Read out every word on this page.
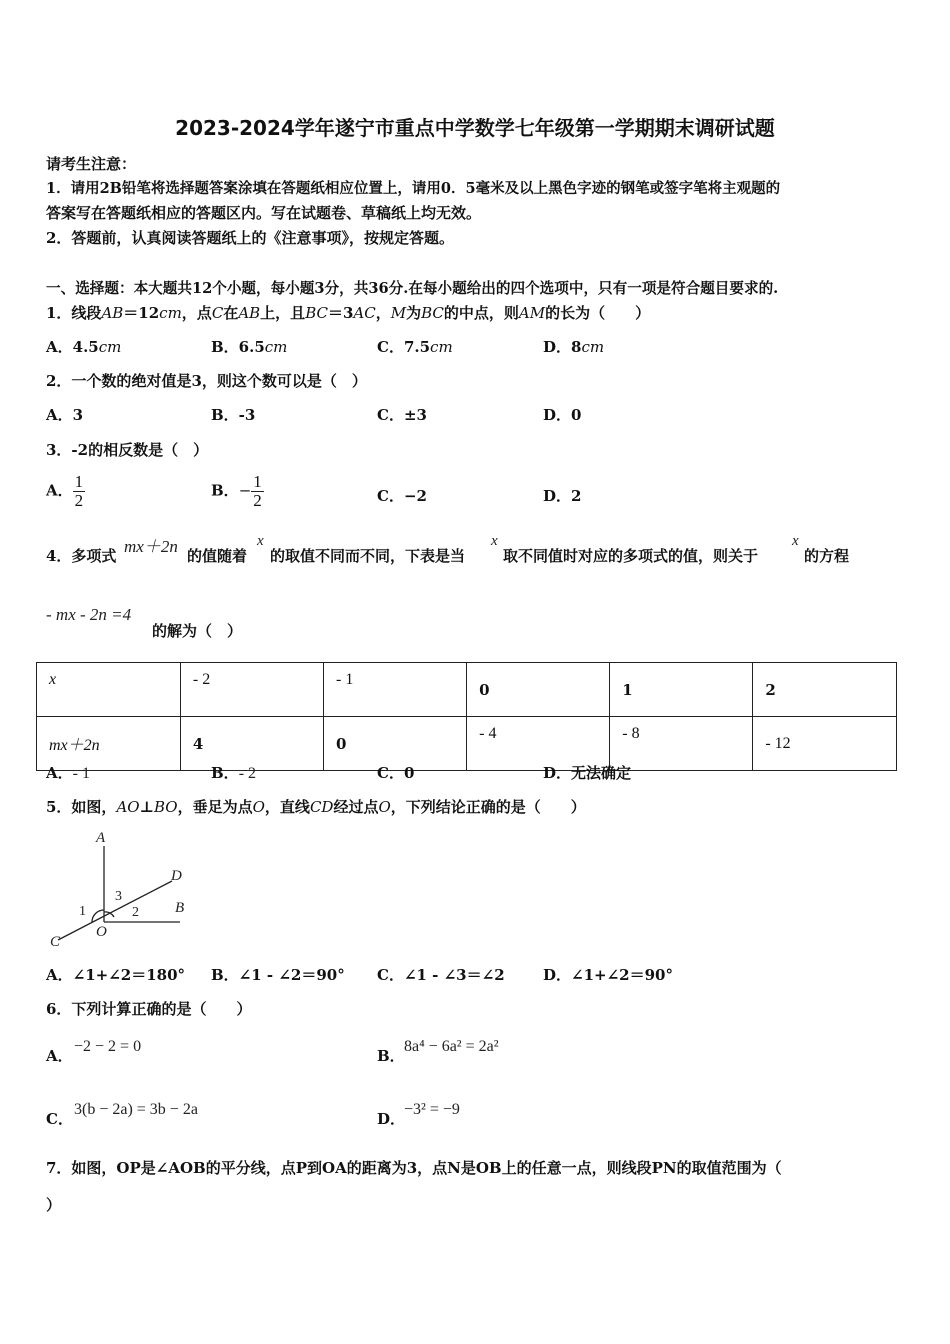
2023-2024学年遂宁市重点中学数学七年级第一学期期末调研试题
请考生注意：
1．请用2B铅笔将选择题答案涂填在答题纸相应位置上，请用0．5毫米及以上黑色字迹的钢笔或签字笔将主观题的
答案写在答题纸相应的答题区内。写在试题卷、草稿纸上均无效。
2．答题前，认真阅读答题纸上的《注意事项》，按规定答题。
一、选择题：本大题共12个小题，每小题3分，共36分.在每小题给出的四个选项中，只有一项是符合题目要求的.
1．线段AB＝12cm，点C在AB上，且BC＝3AC，M为BC的中点，则AM的长为（　　）
A．4.5cm	B．6.5cm	C．7.5cm	D．8cm
2．一个数的绝对值是3，则这个数可以是（　）
A．3	B．-3	C．±3	D．0
3．-2的相反数是（　）
A． $\frac{1}{2}$	B．− $\frac{1}{2}$	C．−2	D．2
4．多项式 mx＋2n 的值随着
x
的取值不同而不同，下表是当
x
取不同值时对应的多项式的值，则关于
x
的方程
- mx - 2n =4
的解为（　）
x	- 2	- 1	0	1	2
mx＋2n	4	0	- 4	- 8	- 12
A．- 1	B．- 2	C．0	D．无法确定
5．如图，AO⊥BO，垂足为点O，直线CD经过点O，下列结论正确的是（　　）
A
D
B
C
O
1	2
3
A．∠1+∠2＝180° B．∠1 - ∠2＝90° C．∠1 - ∠3＝∠2	D．∠1+∠2＝90°
6．下列计算正确的是（　　）
A．
−2 − 2 = 0
B．
8a⁴ − 6a² = 2a²
C．
3(b − 2a) = 3b − 2a
D．
−3² = −9
7．如图，OP是∠AOB的平分线，点P到OA的距离为3，点N是OB上的任意一点，则线段PN的取值范围为（
）
